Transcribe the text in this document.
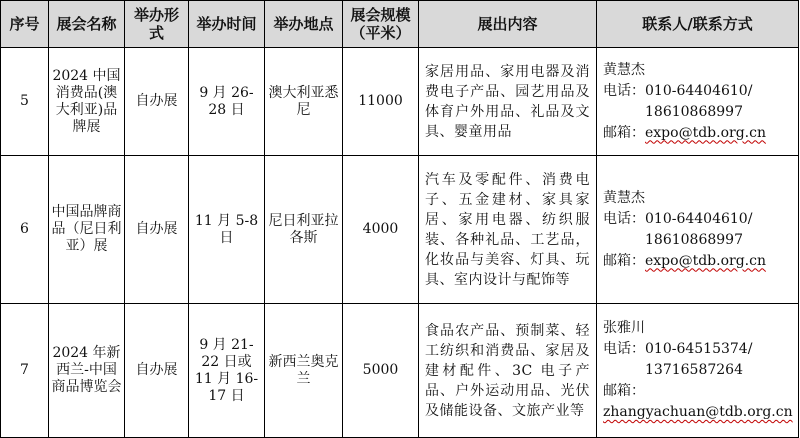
序号	展会名称	举办形式	举办时间	举办地点	展会规模（平米）	展出内容	联系人/联系方式
5	2024 中国消费品(澳大利亚)品牌展	自办展	9 月 26-28 日	澳大利亚悉尼	11000	家居用品、家用电器及消费电子产品、园艺用品及体育户外用品、礼品及文具、婴童用品	黄慧杰
电话：010-64404610/
18610868997
邮箱：expo@tdb.org.cn

6	中国品牌商品（尼日利亚）展	自办展	11 月 5-8 日	尼日利亚拉各斯	4000	汽车及零配件、消费电子、五金建材、家具家居、家用电器、纺织服装、各种礼品、工艺品，化妆品与美容、灯具、玩具、室内设计与配饰等	黄慧杰
电话：010-64404610/
18610868997
邮箱：expo@tdb.org.cn

7	2024 年新西兰-中国商品博览会	自办展	9 月 21-22 日或 11 月 16-17 日	新西兰奥克兰	5000	食品农产品、预制菜、轻工纺织和消费品、家居及建材配件、3C 电子产品、户外运动用品、光伏及储能设备、文旅产业等	张雅川
电话：010-64515374/
13716587264
邮箱：
zhangyachuan@tdb.org.cn
